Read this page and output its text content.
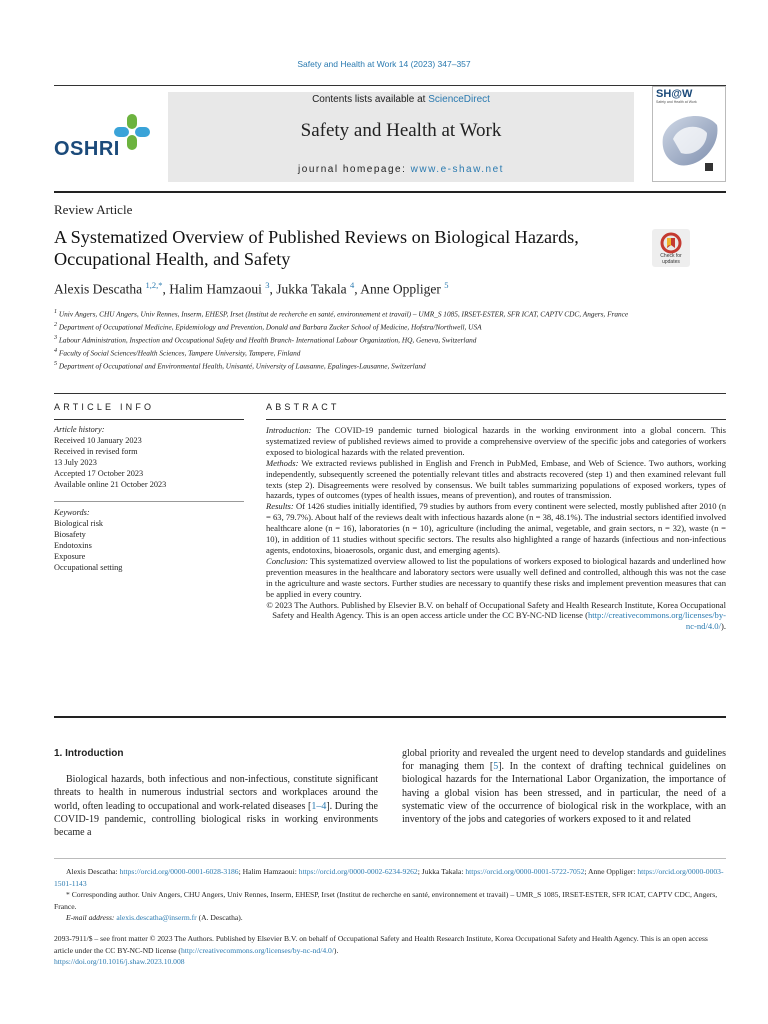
Safety and Health at Work 14 (2023) 347–357
OSHRI
Contents lists available at ScienceDirect
Safety and Health at Work
journal homepage: www.e-shaw.net
SH@W
Safety and Health at Work
Review Article
A Systematized Overview of Published Reviews on Biological Hazards, Occupational Health, and Safety	Check for updates
Alexis Descatha $^{1,2,*}$, Halim Hamzaoui $^3$, Jukka Takala $^4$, Anne Oppliger $^5$

$^1$ Univ Angers, CHU Angers, Univ Rennes, Inserm, EHESP, Irset (Institut de recherche en santé, environnement et travail) – UMR_S 1085, IRSET-ESTER, SFR ICAT, CAPTV CDC, Angers, France

$^2$ Department of Occupational Medicine, Epidemiology and Prevention, Donald and Barbara Zucker School of Medicine, Hofstra/Northwell, USA

$^3$ Labour Administration, Inspection and Occupational Safety and Health Branch- International Labour Organization, HQ, Geneva, Switzerland

$^4$ Faculty of Social Sciences/Health Sciences, Tampere University, Tampere, Finland

$^5$ Department of Occupational and Environmental Health, Unisanté, University of Lausanne, Epalinges-Lausanne, Switzerland

ARTICLE INFO	ABSTRACT
Article history:
Received 10 January 2023
Received in revised form
13 July 2023
Accepted 17 October 2023
Available online 21 October 2023
Keywords:
Biological risk
Biosafety
Endotoxins
Exposure
Occupational setting

Introduction: The COVID-19 pandemic turned biological hazards in the working environment into a global concern. This systematized review of published reviews aimed to provide a comprehensive overview of the specific jobs and categories of workers exposed to biological hazards with the related prevention.

Methods: We extracted reviews published in English and French in PubMed, Embase, and Web of Science. Two authors, working independently, subsequently screened the potentially relevant titles and abstracts recovered (step 1) and then examined relevant full texts (step 2). Disagreements were resolved by consensus. We built tables summarizing populations of exposed workers, types of hazards, types of outcomes (types of health issues, means of prevention), and routes of transmission.

Results: Of 1426 studies initially identified, 79 studies by authors from every continent were selected, mostly published after 2010 (n = 63, 79.7%). About half of the reviews dealt with infectious hazards alone (n = 38, 48.1%). The industrial sectors identified involved healthcare alone (n = 16), laboratories (n = 10), agriculture (including the animal, vegetable, and grain sectors, n = 32), waste (n = 10), in addition of 11 studies without specific sectors. The results also highlighted a range of hazards (infectious and non-infectious agents, endotoxins, bioaerosols, organic dust, and emerging agents).

Conclusion: This systematized overview allowed to list the populations of workers exposed to biological hazards and underlined how prevention measures in the healthcare and laboratory sectors were usually well defined and controlled, although this was not the case in the agriculture and waste sectors. Further studies are necessary to quantify these risks and implement prevention measures that can be applied in every country.

© 2023 The Authors. Published by Elsevier B.V. on behalf of Occupational Safety and Health Research Institute, Korea Occupational Safety and Health Agency. This is an open access article under the CC BY-NC-ND license (http://creativecommons.org/licenses/by-nc-nd/4.0/).

1. Introduction

Biological hazards, both infectious and non-infectious, constitute significant threats to health in numerous industrial sectors and workplaces around the world, often leading to occupational and work-related diseases [1–4]. During the COVID-19 pandemic, controlling biological risks in working environments became a

global priority and revealed the urgent need to develop standards and guidelines for managing them [5]. In the context of drafting technical guidelines on biological hazards for the International Labor Organization, the importance of having a global vision has been stressed, and in particular, the need of a systematic view of the occurrence of biological risk in the workplace, with an inventory of the jobs and categories of workers exposed to it and related

Alexis Descatha: https://orcid.org/0000-0001-6028-3186; Halim Hamzaoui: https://orcid.org/0000-0002-6234-9262; Jukka Takala: https://orcid.org/0000-0001-5722-7052; Anne Oppliger: https://orcid.org/0000-0003-1501-1143

* Corresponding author. Univ Angers, CHU Angers, Univ Rennes, Inserm, EHESP, Irset (Institut de recherche en santé, environnement et travail) – UMR_S 1085, IRSET-ESTER, SFR ICAT, CAPTV CDC, Angers, France.

E-mail address: alexis.descatha@inserm.fr (A. Descatha).

2093-7911/$ – see front matter © 2023 The Authors. Published by Elsevier B.V. on behalf of Occupational Safety and Health Research Institute, Korea Occupational Safety and Health Agency. This is an open access article under the CC BY-NC-ND license (http://creativecommons.org/licenses/by-nc-nd/4.0/).
https://doi.org/10.1016/j.shaw.2023.10.008
